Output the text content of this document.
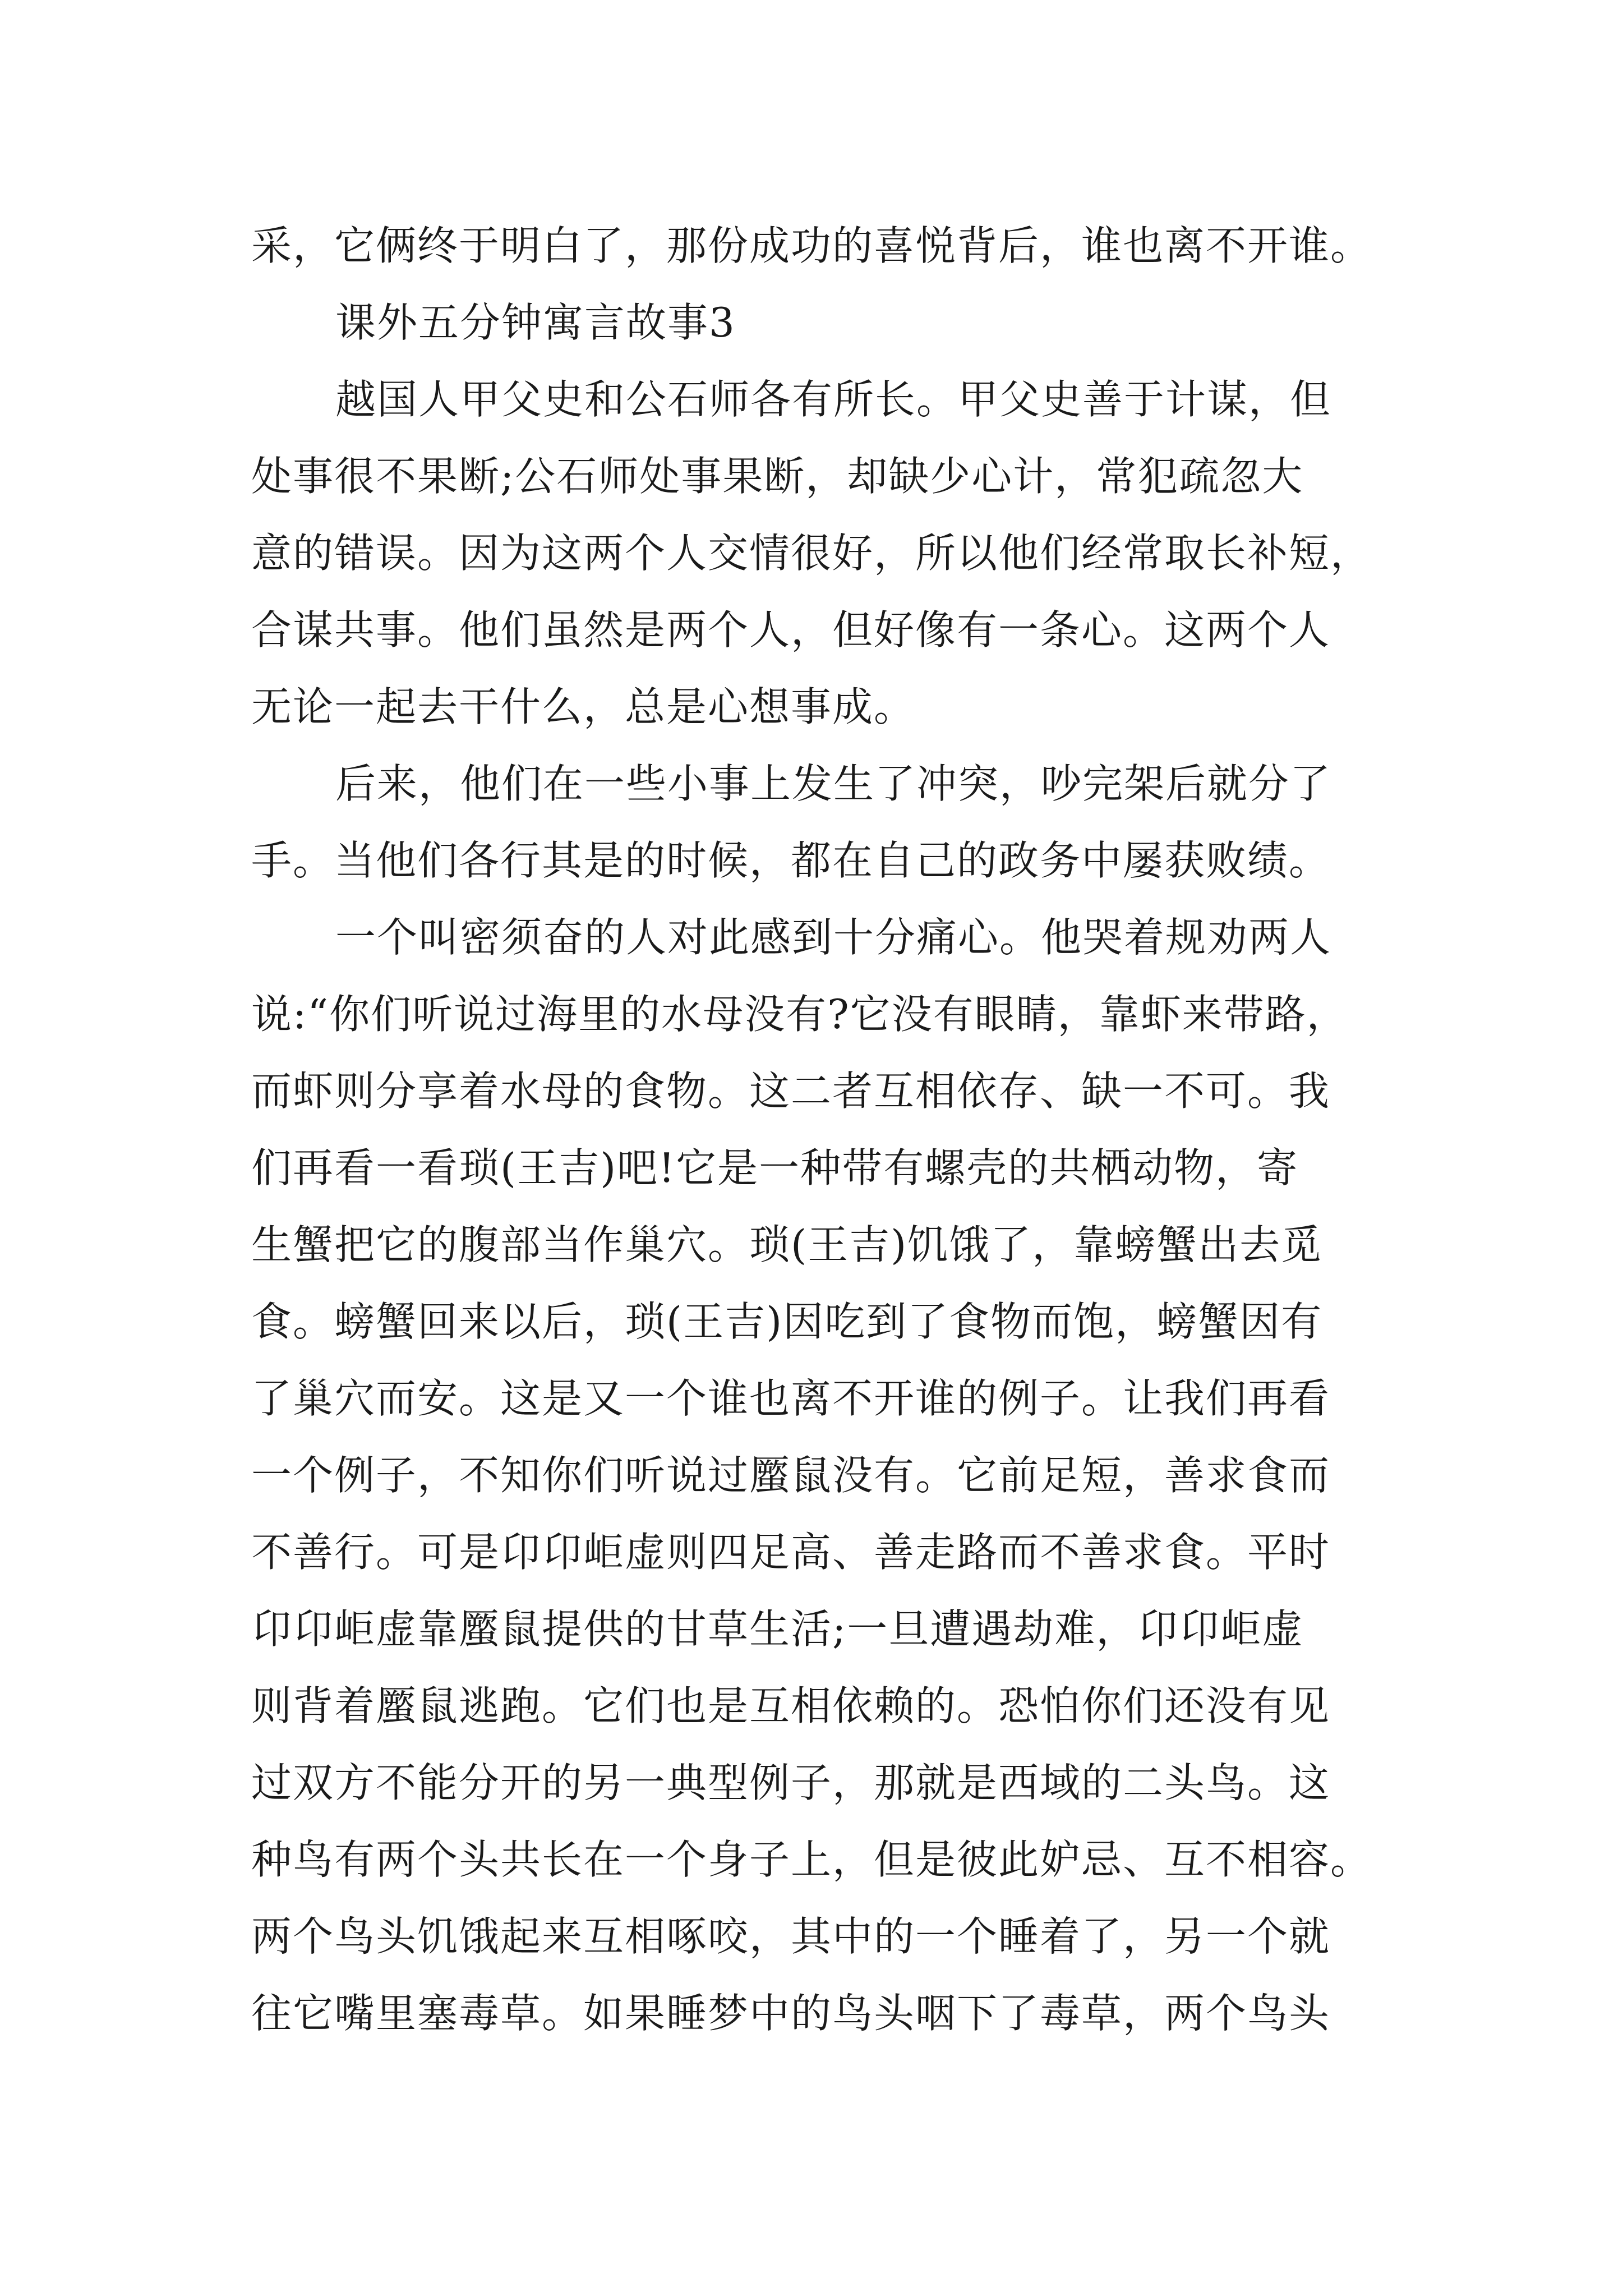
采，它俩终于明白了，那份成功的喜悦背后，谁也离不开谁。
课外五分钟寓言故事3
越国人甲父史和公石师各有所长。甲父史善于计谋，但
处事很不果断;公石师处事果断，却缺少心计，常犯疏忽大
意的错误。因为这两个人交情很好，所以他们经常取长补短，
合谋共事。他们虽然是两个人，但好像有一条心。这两个人
无论一起去干什么，总是心想事成。
后来，他们在一些小事上发生了冲突，吵完架后就分了
手。当他们各行其是的时候，都在自己的政务中屡获败绩。
一个叫密须奋的人对此感到十分痛心。他哭着规劝两人
说:“你们听说过海里的水母没有?它没有眼睛，靠虾来带路，
而虾则分享着水母的食物。这二者互相依存、缺一不可。我
们再看一看琐(王吉)吧!它是一种带有螺壳的共栖动物，寄
生蟹把它的腹部当作巢穴。琐(王吉)饥饿了，靠螃蟹出去觅
食。螃蟹回来以后，琐(王吉)因吃到了食物而饱，螃蟹因有
了巢穴而安。这是又一个谁也离不开谁的例子。让我们再看
一个例子，不知你们听说过蟨鼠没有。它前足短，善求食而
不善行。可是卬卬岠虚则四足高、善走路而不善求食。平时
卬卬岠虚靠蟨鼠提供的甘草生活;一旦遭遇劫难，卬卬岠虚
则背着蟨鼠逃跑。它们也是互相依赖的。恐怕你们还没有见
过双方不能分开的另一典型例子，那就是西域的二头鸟。这
种鸟有两个头共长在一个身子上，但是彼此妒忌、互不相容。
两个鸟头饥饿起来互相啄咬，其中的一个睡着了，另一个就
往它嘴里塞毒草。如果睡梦中的鸟头咽下了毒草，两个鸟头
